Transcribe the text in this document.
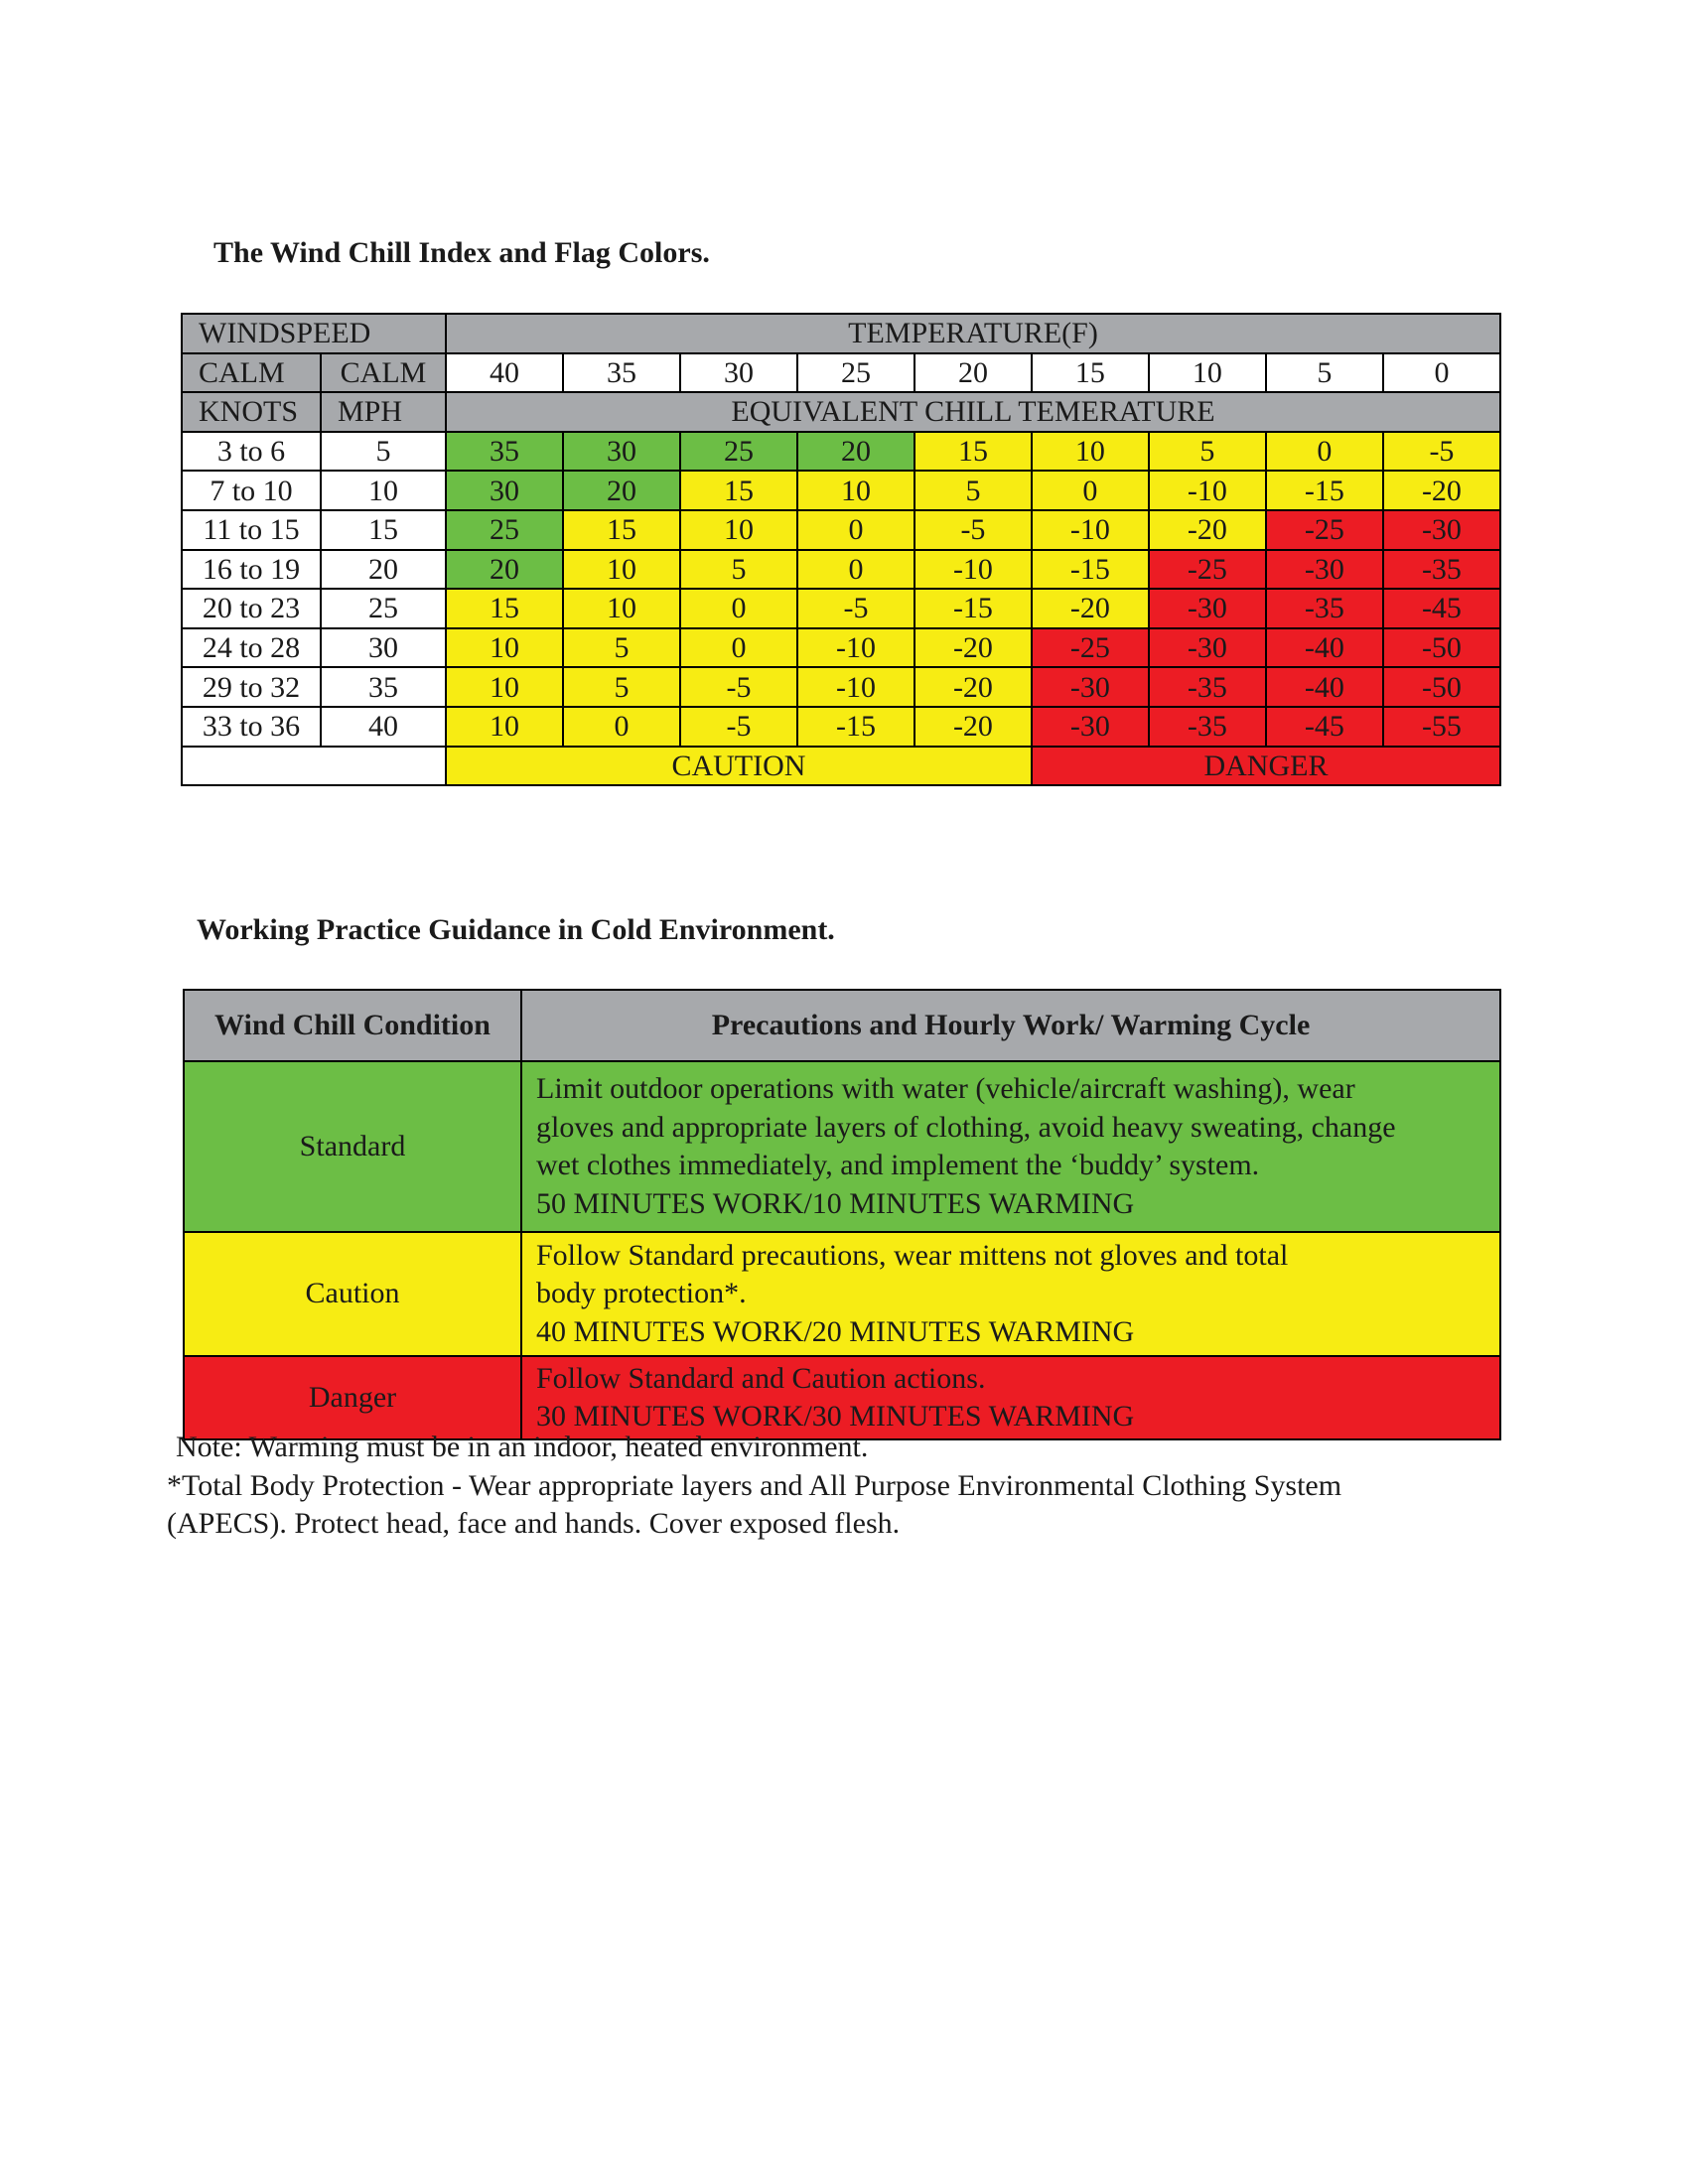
The Wind Chill Index and Flag Colors.
WINDSPEED		TEMPERATURE(F)								
CALM	CALM	40	35	30	25	20	15	10	5	0
KNOTS	MPH	EQUIVALENT CHILL TEMERATURE								
3 to 6	5	35	30	25	20	15	10	5	0	-5
7 to 10	10	30	20	15	10	5	0	-10	-15	-20
11 to 15	15	25	15	10	0	-5	-10	-20	-25	-30
16 to 19	20	20	10	5	0	-10	-15	-25	-30	-35
20 to 23	25	15	10	0	-5	-15	-20	-30	-35	-45
24 to 28	30	10	5	0	-10	-20	-25	-30	-40	-50
29 to 32	35	10	5	-5	-10	-20	-30	-35	-40	-50
33 to 36	40	10	0	-5	-15	-20	-30	-35	-45	-55
		CAUTION					DANGER			
Working Practice Guidance in Cold Environment.
Wind Chill Condition	Precautions and Hourly Work/ Warming Cycle
Standard	Limit outdoor operations with water (vehicle/aircraft washing), wear
gloves and appropriate layers of clothing, avoid heavy sweating, change
wet clothes immediately, and implement the ‘buddy’ system.
50 MINUTES WORK/10 MINUTES WARMING

Caution	Follow Standard precautions, wear mittens not gloves and total
body protection*.
40 MINUTES WORK/20 MINUTES WARMING

Danger	Follow Standard and Caution actions.
30 MINUTES WORK/30 MINUTES WARMING
Note: Warming must be in an indoor, heated environment.
*Total Body Protection - Wear appropriate layers and All Purpose Environmental Clothing System
(APECS). Protect head, face and hands. Cover exposed flesh.
